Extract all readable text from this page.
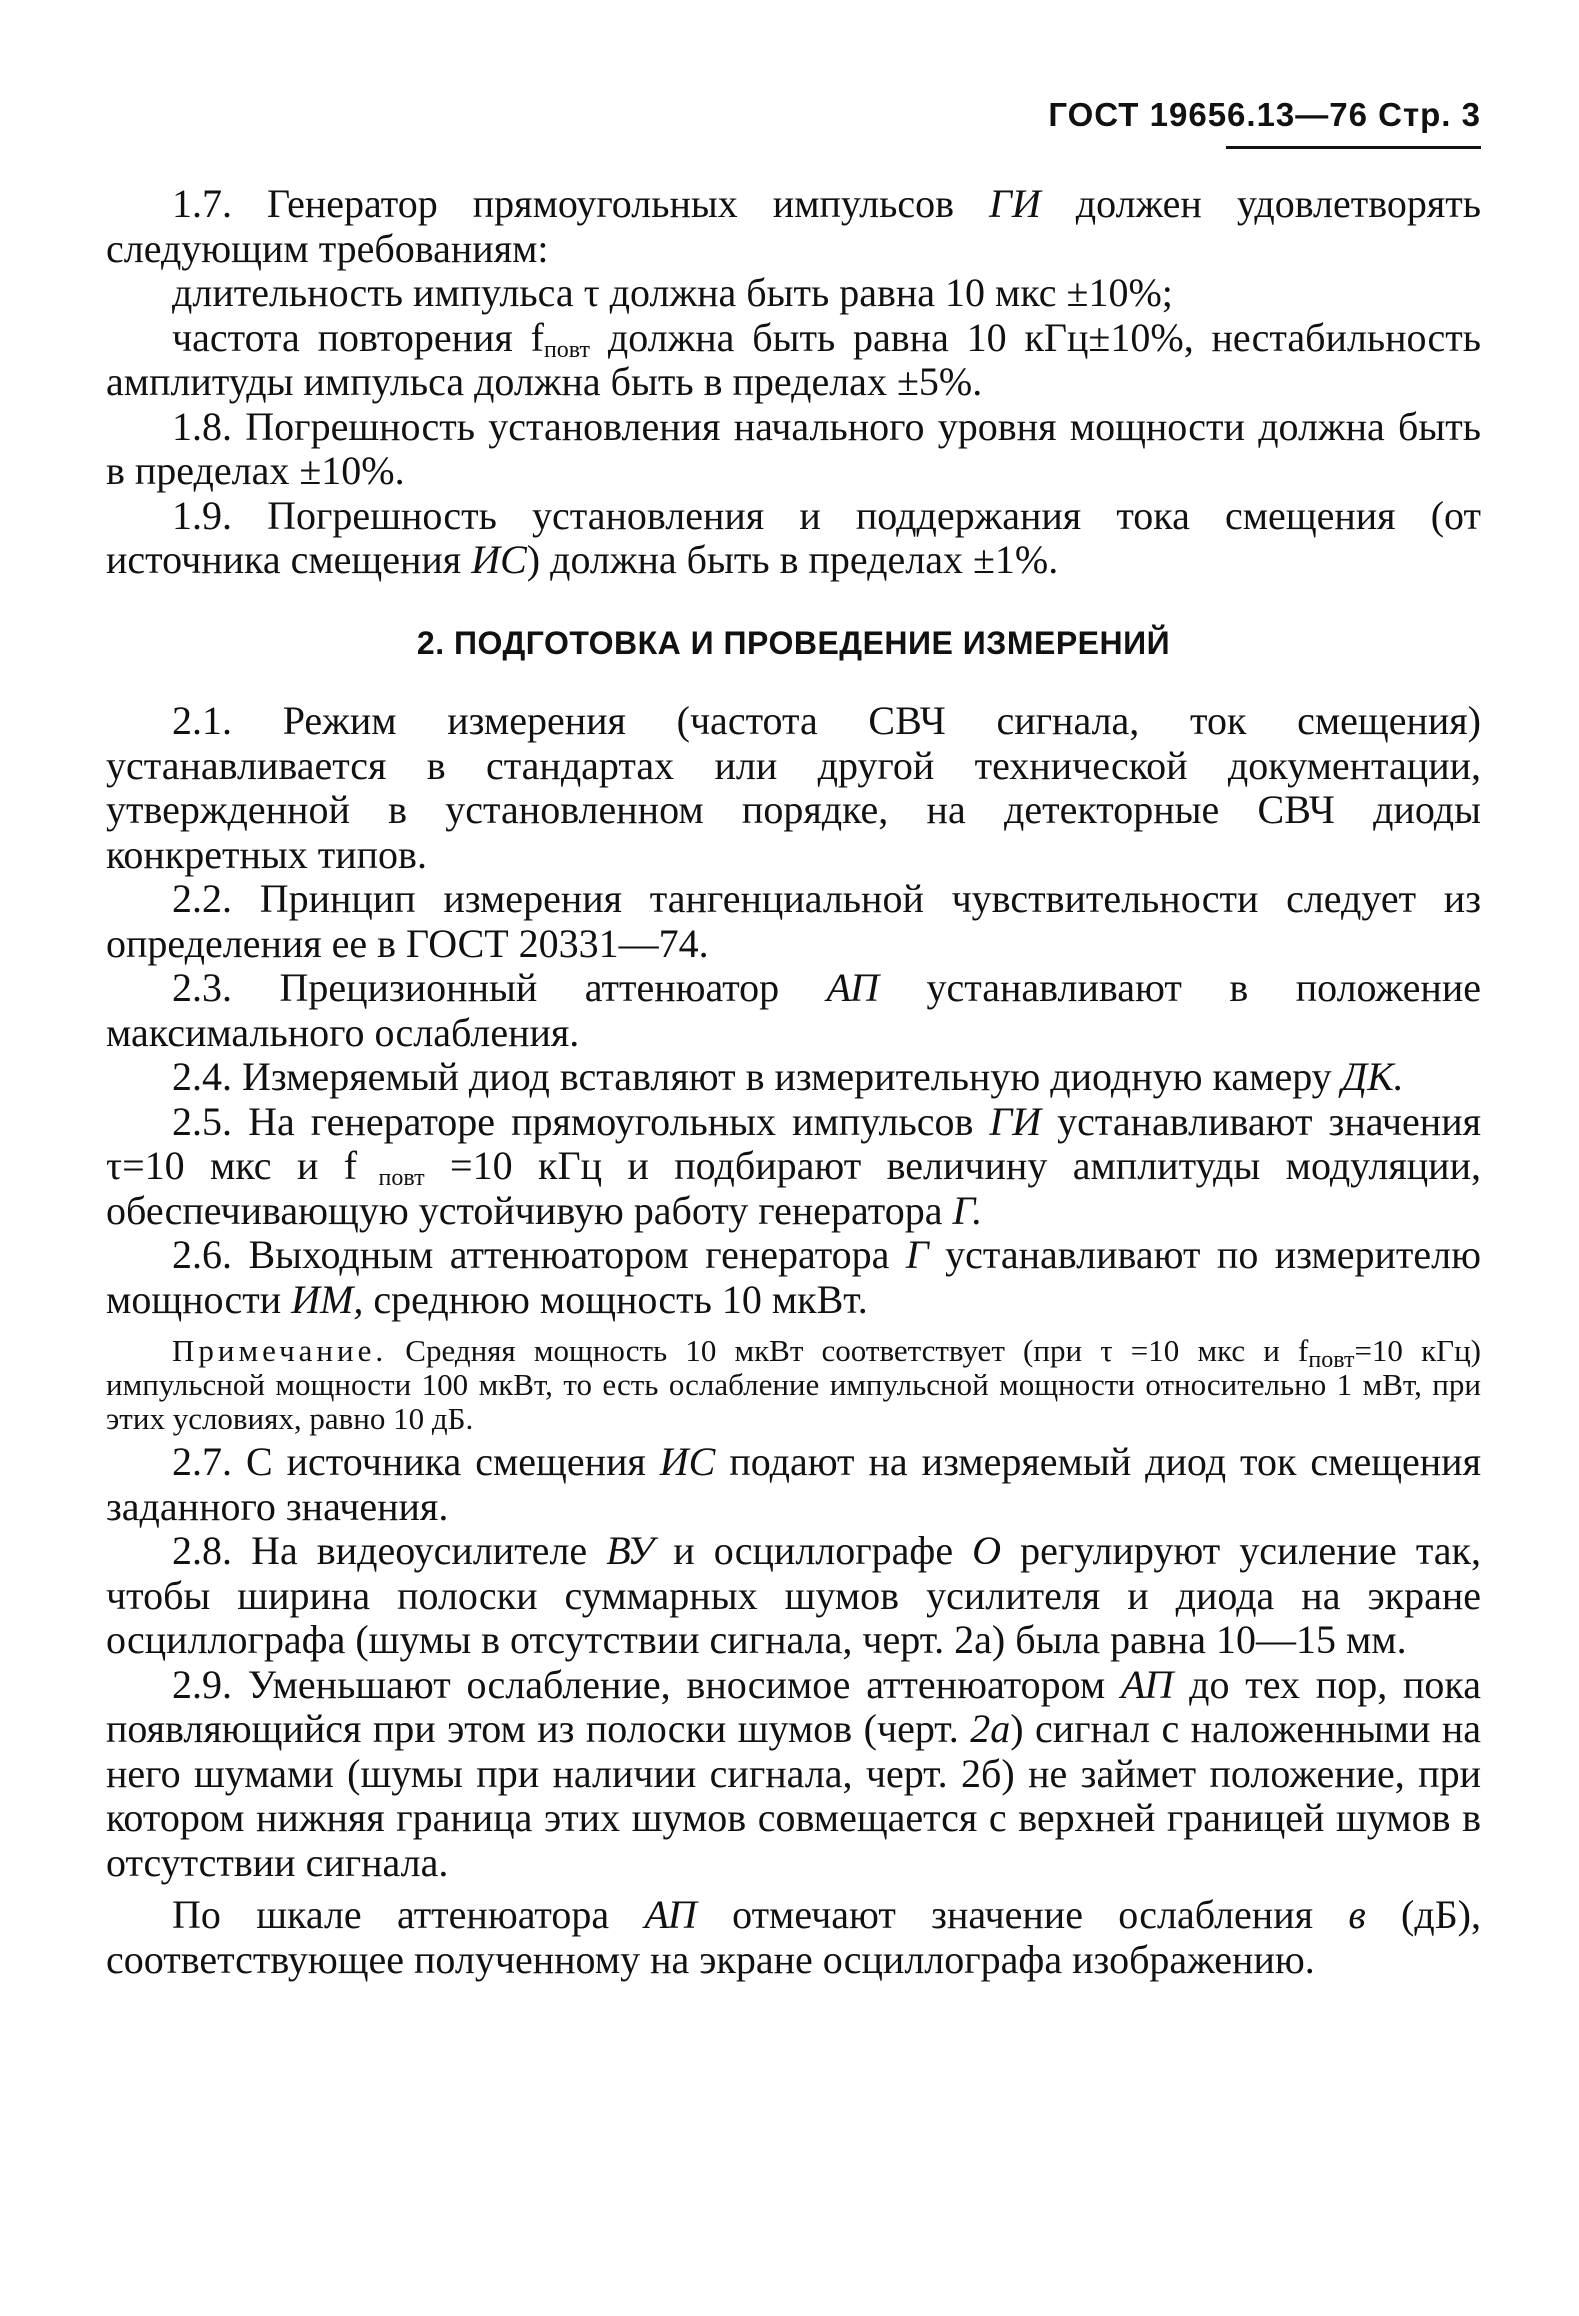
ГОСТ 19656.13—76 Стр. 3

1.7. Генератор прямоугольных импульсов ГИ должен удовлетворять следующим требованиям:

длительность импульса τ должна быть равна 10 мкс ±10%;

частота повторения $f_{повт}$ должна быть равна 10 кГц±10%, нестабильность амплитуды импульса должна быть в пределах ±5%.

1.8. Погрешность установления начального уровня мощности должна быть в пределах ±10%.

1.9. Погрешность установления и поддержания тока смещения (от источника смещения ИС) должна быть в пределах ±1%.

2. ПОДГОТОВКА И ПРОВЕДЕНИЕ ИЗМЕРЕНИЙ

2.1. Режим измерения (частота СВЧ сигнала, ток смещения) устанавливается в стандартах или другой технической документации, утвержденной в установленном порядке, на детекторные СВЧ диоды конкретных типов.

2.2. Принцип измерения тангенциальной чувствительности следует из определения ее в ГОСТ 20331—74.

2.3. Прецизионный аттенюатор АП устанавливают в положение максимального ослабления.

2.4. Измеряемый диод вставляют в измерительную диодную камеру ДК.

2.5. На генераторе прямоугольных импульсов ГИ устанавливают значения τ=10 мкс и f $_{повт}$ =10 кГц и подбирают величину амплитуды модуляции, обеспечивающую устойчивую работу генератора Г.

2.6. Выходным аттенюатором генератора Г устанавливают по измерителю мощности ИМ, среднюю мощность 10 мкВт.

Примечание. Средняя мощность 10 мкВт соответствует (при τ =10 мкс и $f_{повт}=10$ кГц) импульсной мощности 100 мкВт, то есть ослабление импульсной мощности относительно 1 мВт, при этих условиях, равно 10 дБ.

2.7. С источника смещения ИС подают на измеряемый диод ток смещения заданного значения.

2.8. На видеоусилителе ВУ и осциллографе О регулируют усиление так, чтобы ширина полоски суммарных шумов усилителя и диода на экране осциллографа (шумы в отсутствии сигнала, черт. 2а) была равна 10—15 мм.

2.9. Уменьшают ослабление, вносимое аттенюатором АП до тех пор, пока появляющийся при этом из полоски шумов (черт. 2а) сигнал с наложенными на него шумами (шумы при наличии сигнала, черт. 2б) не займет положение, при котором нижняя граница этих шумов совмещается с верхней границей шумов в отсутствии сигнала.

По шкале аттенюатора АП отмечают значение ослабления в (дБ), соответствующее полученному на экране осциллографа изображению.
